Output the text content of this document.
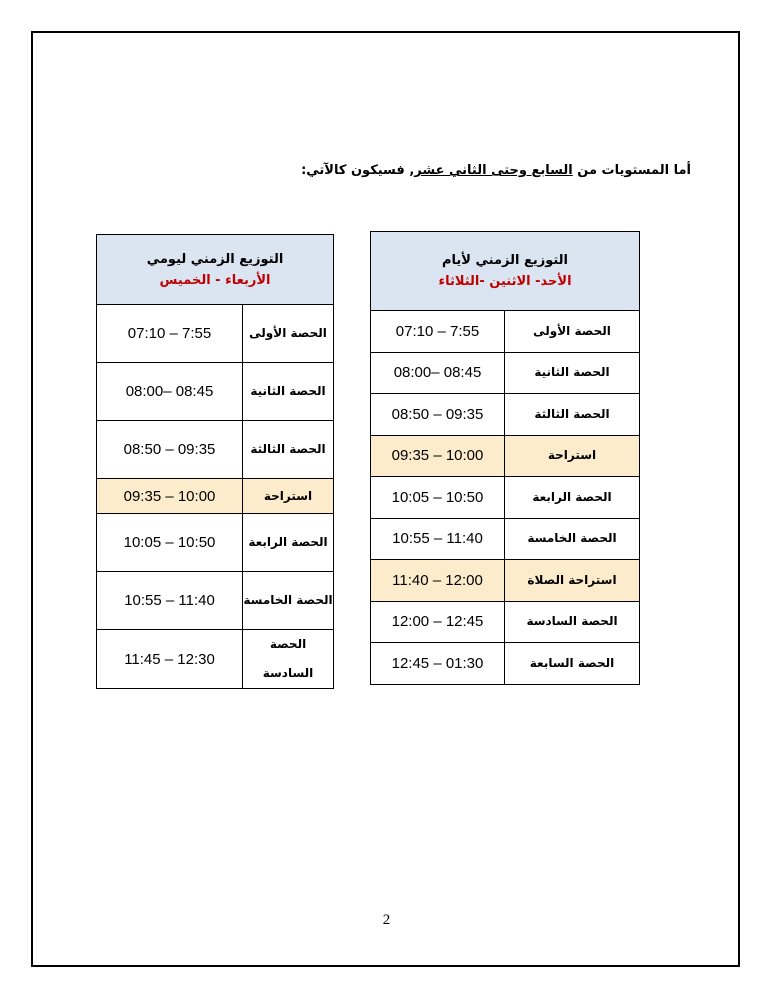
أما المستويات من السابع وحتى الثاني عشر, فسيكون كالآتي:
التوزيع الزمني لأيام
الأحد- الاثنين -الثلاثاء	

الحصة الأولى	07:10 – 7:55
الحصة الثانية	08:00– 08:45
الحصة الثالثة	08:50 – 09:35
استراحة	09:35 – 10:00
الحصة الرابعة	10:05 – 10:50
الحصة الخامسة	10:55 – 11:40
استراحة الصلاة	11:40 – 12:00
الحصة السادسة	12:00 – 12:45
الحصة السابعة	12:45 – 01:30
التوزيع الزمني ليومي
الأربعاء - الخميس	

الحصة الأولى	07:10 – 7:55
الحصة الثانية	08:00– 08:45
الحصة الثالثة	08:50 – 09:35
استراحة	09:35 – 10:00
الحصة الرابعة	10:05 – 10:50
الحصة الخامسة	10:55 – 11:40
الحصة السادسة	11:45 – 12:30
2
